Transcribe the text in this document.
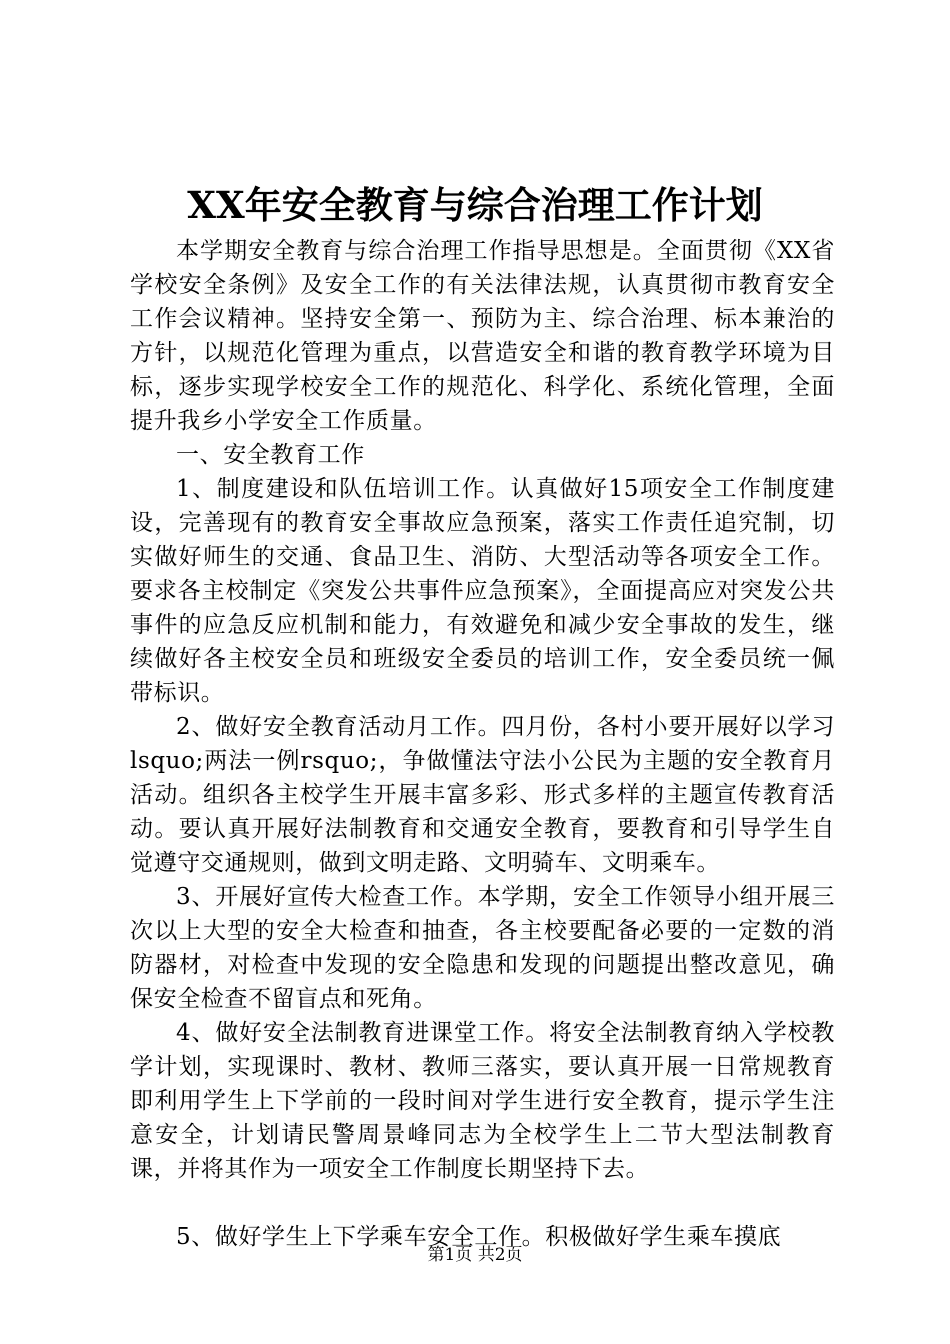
XX年安全教育与综合治理工作计划

本学期安全教育与综合治理工作指导思想是。全面贯彻《XX省学校安全条例》及安全工作的有关法律法规，认真贯彻市教育安全工作会议精神。坚持安全第一、预防为主、综合治理、标本兼治的方针，以规范化管理为重点，以营造安全和谐的教育教学环境为目标，逐步实现学校安全工作的规范化、科学化、系统化管理，全面提升我乡小学安全工作质量。

一、安全教育工作

1、制度建设和队伍培训工作。认真做好15项安全工作制度建设，完善现有的教育安全事故应急预案，落实工作责任追究制，切实做好师生的交通、食品卫生、消防、大型活动等各项安全工作。要求各主校制定《突发公共事件应急预案》，全面提高应对突发公共事件的应急反应机制和能力，有效避免和减少安全事故的发生，继续做好各主校安全员和班级安全委员的培训工作，安全委员统一佩带标识。

2、做好安全教育活动月工作。四月份，各村小要开展好以学习lsquo;两法一例rsquo;，争做懂法守法小公民为主题的安全教育月活动。组织各主校学生开展丰富多彩、形式多样的主题宣传教育活动。要认真开展好法制教育和交通安全教育，要教育和引导学生自觉遵守交通规则，做到文明走路、文明骑车、文明乘车。

3、开展好宣传大检查工作。本学期，安全工作领导小组开展三次以上大型的安全大检查和抽查，各主校要配备必要的一定数的消防器材，对检查中发现的安全隐患和发现的问题提出整改意见，确保安全检查不留盲点和死角。

4、做好安全法制教育进课堂工作。将安全法制教育纳入学校教学计划，实现课时、教材、教师三落实，要认真开展一日常规教育即利用学生上下学前的一段时间对学生进行安全教育，提示学生注意安全，计划请民警周景峰同志为全校学生上二节大型法制教育课，并将其作为一项安全工作制度长期坚持下去。

5、做好学生上下学乘车安全工作。积极做好学生乘车摸底

第1页 共2页
